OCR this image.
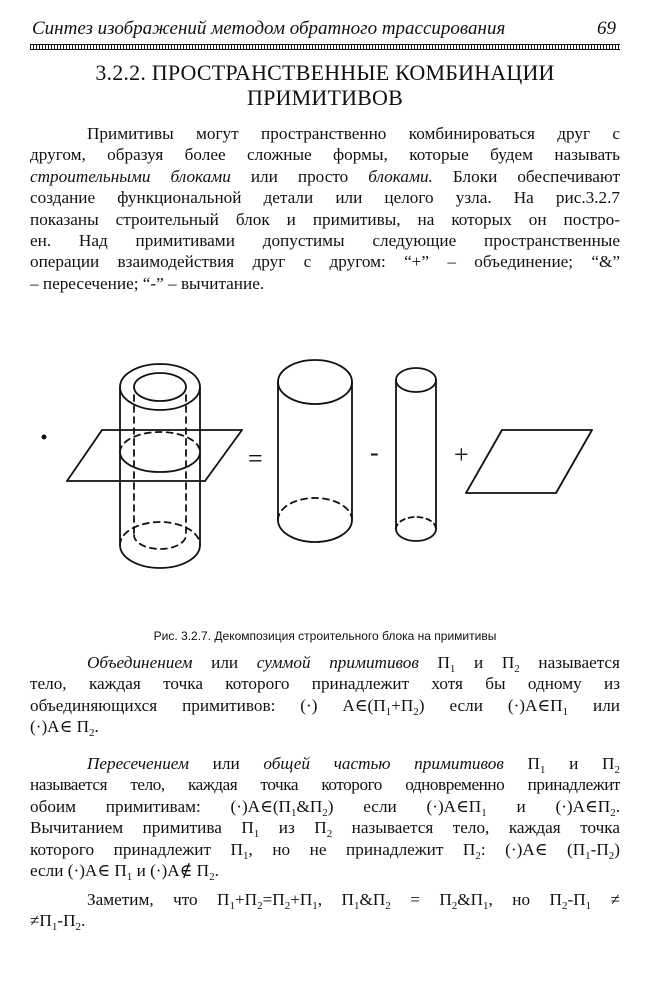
Синтез изображений методом обратного трассирования	69
3.2.2. ПРОСТРАНСТВЕННЫЕ КОМБИНАЦИИ
ПРИМИТИВОВ
Примитивы могут пространственно комбинироваться друг с
другом, образуя более сложные формы, которые будем называть
строительными блоками или просто блоками. Блоки обеспечивают
создание функциональной детали или целого узла. На рис.3.2.7
показаны строительный блок и примитивы, на которых он постро-
ен. Над примитивами допустимы следующие пространственные
операции взаимодействия друг с другом: “+” – объединение; “&”
– пересечение; “-” – вычитание.
=	-	+
Рис. 3.2.7. Декомпозиция строительного блока на примитивы
Объединением или суммой примитивов $П_1$ и $П_2$ называется
тело, каждая точка которого принадлежит хотя бы одному из
объединяющихся примитивов: (·) $A\in(П_1+П_2)$ если $(\cdot)A\in П_1$ или
(·)A∈ $П_2$.
Пересечением или общей частью примитивов $П_1$ и $П_2$
называется тело, каждая точка которого одновременно принадлежит
обоим примитивам: $(\cdot)A\in(П_1\&П_2)$ если $(\cdot)A\in П_1$ и $(\cdot)A\in П_2$.
Вычитанием примитива $П_1$ из $П_2$ называется тело, каждая точка
которого принадлежит $П_1$, но не принадлежит $П_2$: (·)A∈ $(П_1-П_2)$
если (·)A∈ $П_1$ и (·)A∉ $П_2$.
Заметим, что $П_1+П_2=П_2+П_1$, $П_1\&П_2$ = $П_2\&П_1$, но $П_2-П_1$ ≠
$\ne П_1-П_2$.
